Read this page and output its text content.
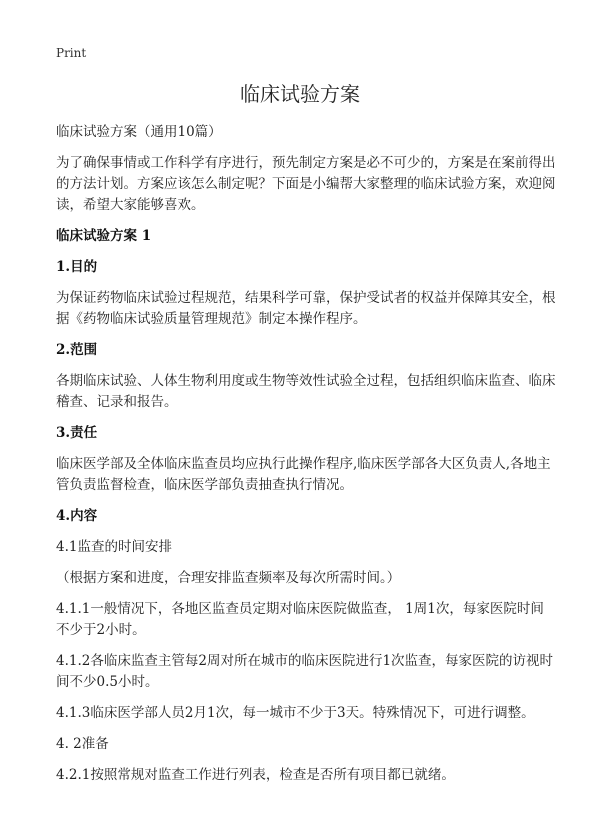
Print
临床试验方案

临床试验方案（通用10篇）

为了确保事情或工作科学有序进行，预先制定方案是必不可少的，方案是在案前得出的方法计划。方案应该怎么制定呢？下面是小编帮大家整理的临床试验方案，欢迎阅读，希望大家能够喜欢。

临床试验方案 1

1.目的

为保证药物临床试验过程规范，结果科学可靠，保护受试者的权益并保障其安全，根据《药物临床试验质量管理规范》制定本操作程序。

2.范围

各期临床试验、人体生物利用度或生物等效性试验全过程，包括组织临床监查、临床稽查、记录和报告。

3.责任

临床医学部及全体临床监查员均应执行此操作程序,临床医学部各大区负责人,各地主管负责监督检查，临床医学部负责抽查执行情况。

4.内容

4.1监查的时间安排

（根据方案和进度，合理安排监查频率及每次所需时间。）

4.1.1一般情况下，各地区监查员定期对临床医院做监查， 1周1次，每家医院时间不少于2小时。

4.1.2各临床监查主管每2周对所在城市的临床医院进行1次监查，每家医院的访视时间不少0.5小时。

4.1.3临床医学部人员2月1次，每一城市不少于3天。特殊情况下，可进行调整。

4. 2准备

4.2.1按照常规对监查工作进行列表，检查是否所有项目都已就绪。
